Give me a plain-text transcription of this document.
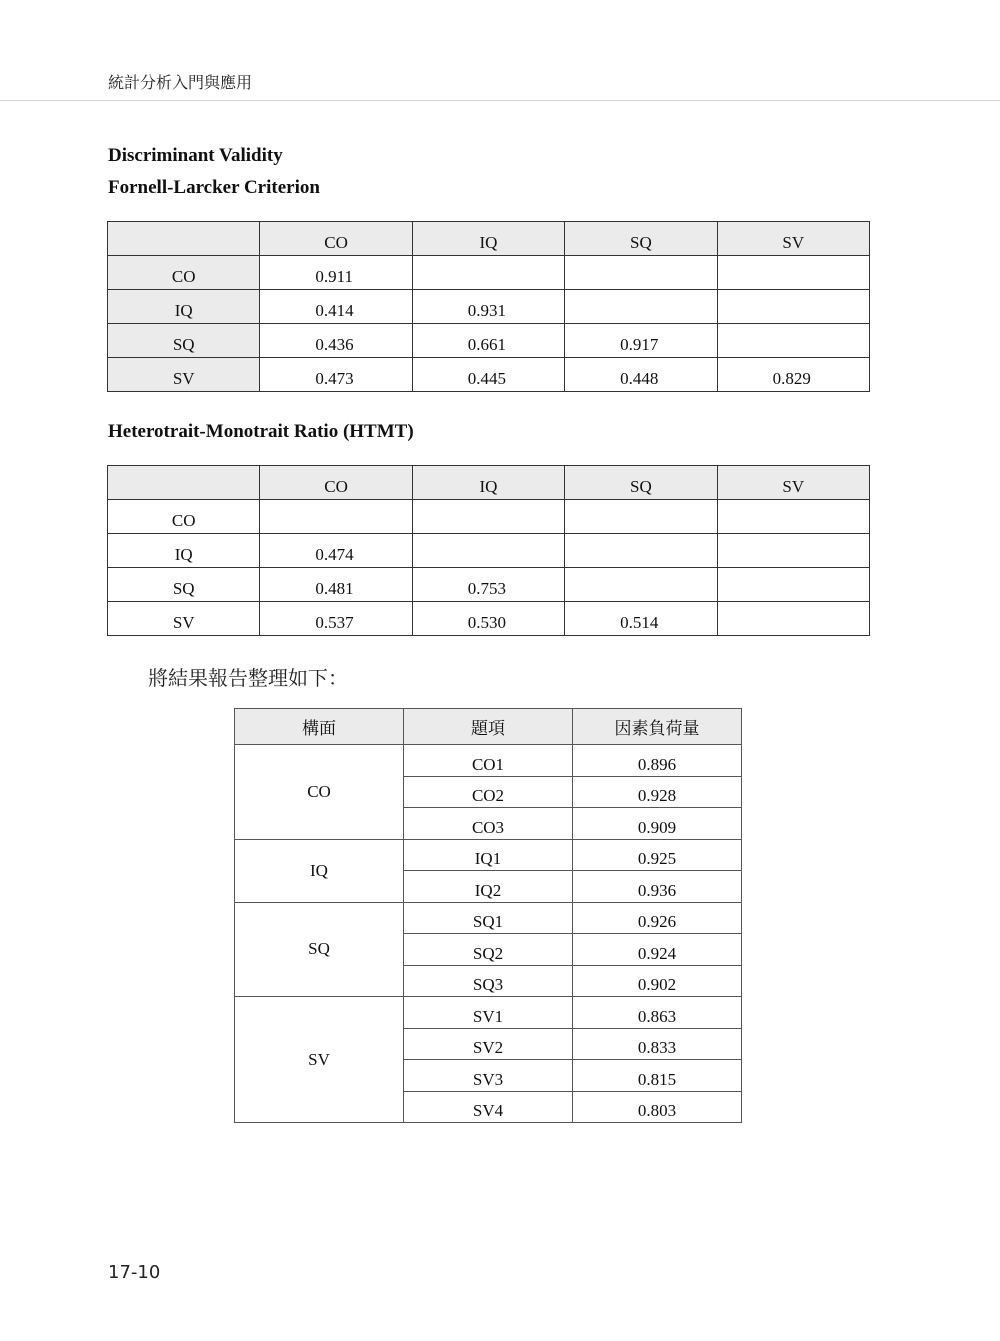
統計分析入門與應用
Discriminant Validity
Fornell-Larcker Criterion
	CO	IQ	SQ	SV
CO	0.911			
IQ	0.414	0.931		
SQ	0.436	0.661	0.917	
SV	0.473	0.445	0.448	0.829
Heterotrait-Monotrait Ratio (HTMT)
	CO	IQ	SQ	SV
CO				
IQ	0.474			
SQ	0.481	0.753		
SV	0.537	0.530	0.514	
將結果報告整理如下：
構面	題項	因素負荷量
CO	CO1	0.896
	CO2	0.928
	CO3	0.909
IQ	IQ1	0.925
	IQ2	0.936
SQ	SQ1	0.926
	SQ2	0.924
	SQ3	0.902
SV	SV1	0.863
	SV2	0.833
	SV3	0.815
	SV4	0.803
17-10
